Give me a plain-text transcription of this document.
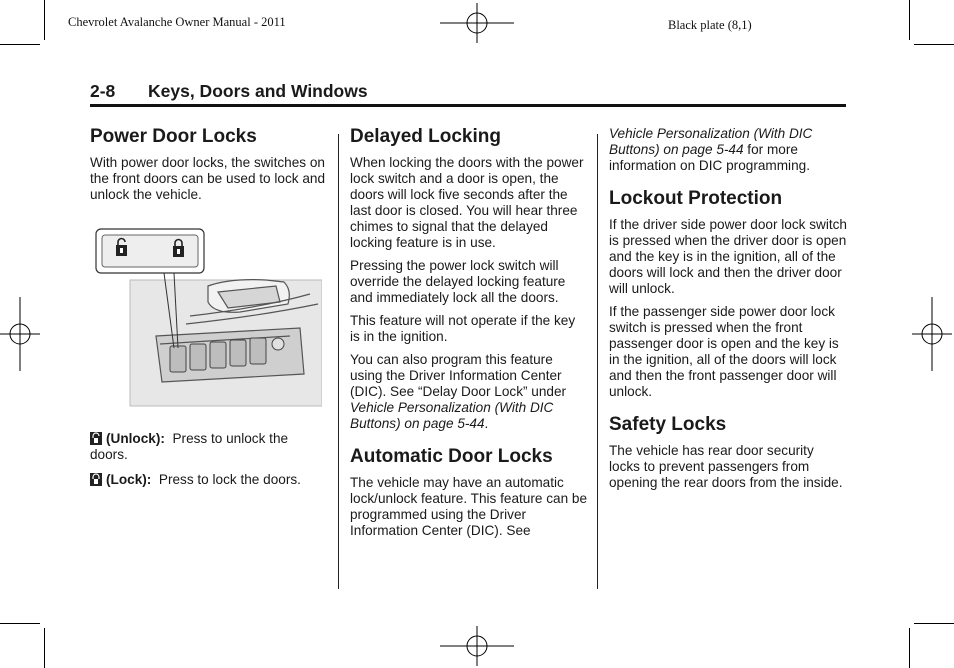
Chevrolet Avalanche Owner Manual - 2011	Black plate (8,1)
2-8 Keys, Doors and Windows
Power Door Locks

With power door locks, the switches on the front doors can be used to lock and unlock the vehicle.

(Unlock): Press to unlock the doors.

(Lock): Press to lock the doors.

Delayed Locking

When locking the doors with the power lock switch and a door is open, the doors will lock five seconds after the last door is closed. You will hear three chimes to signal that the delayed locking feature is in use.

Pressing the power lock switch will override the delayed locking feature and immediately lock all the doors.

This feature will not operate if the key is in the ignition.

You can also program this feature using the Driver Information Center (DIC). See “Delay Door Lock” under Vehicle Personalization (With DIC Buttons) on page 5-44.

Automatic Door Locks

The vehicle may have an automatic lock/unlock feature. This feature can be programmed using the Driver Information Center (DIC). See

Vehicle Personalization (With DIC Buttons) on page 5-44 for more information on DIC programming.

Lockout Protection

If the driver side power door lock switch is pressed when the driver door is open and the key is in the ignition, all of the doors will lock and then the driver door will unlock.

If the passenger side power door lock switch is pressed when the front passenger door is open and the key is in the ignition, all of the doors will lock and then the front passenger door will unlock.

Safety Locks

The vehicle has rear door security locks to prevent passengers from opening the rear doors from the inside.
